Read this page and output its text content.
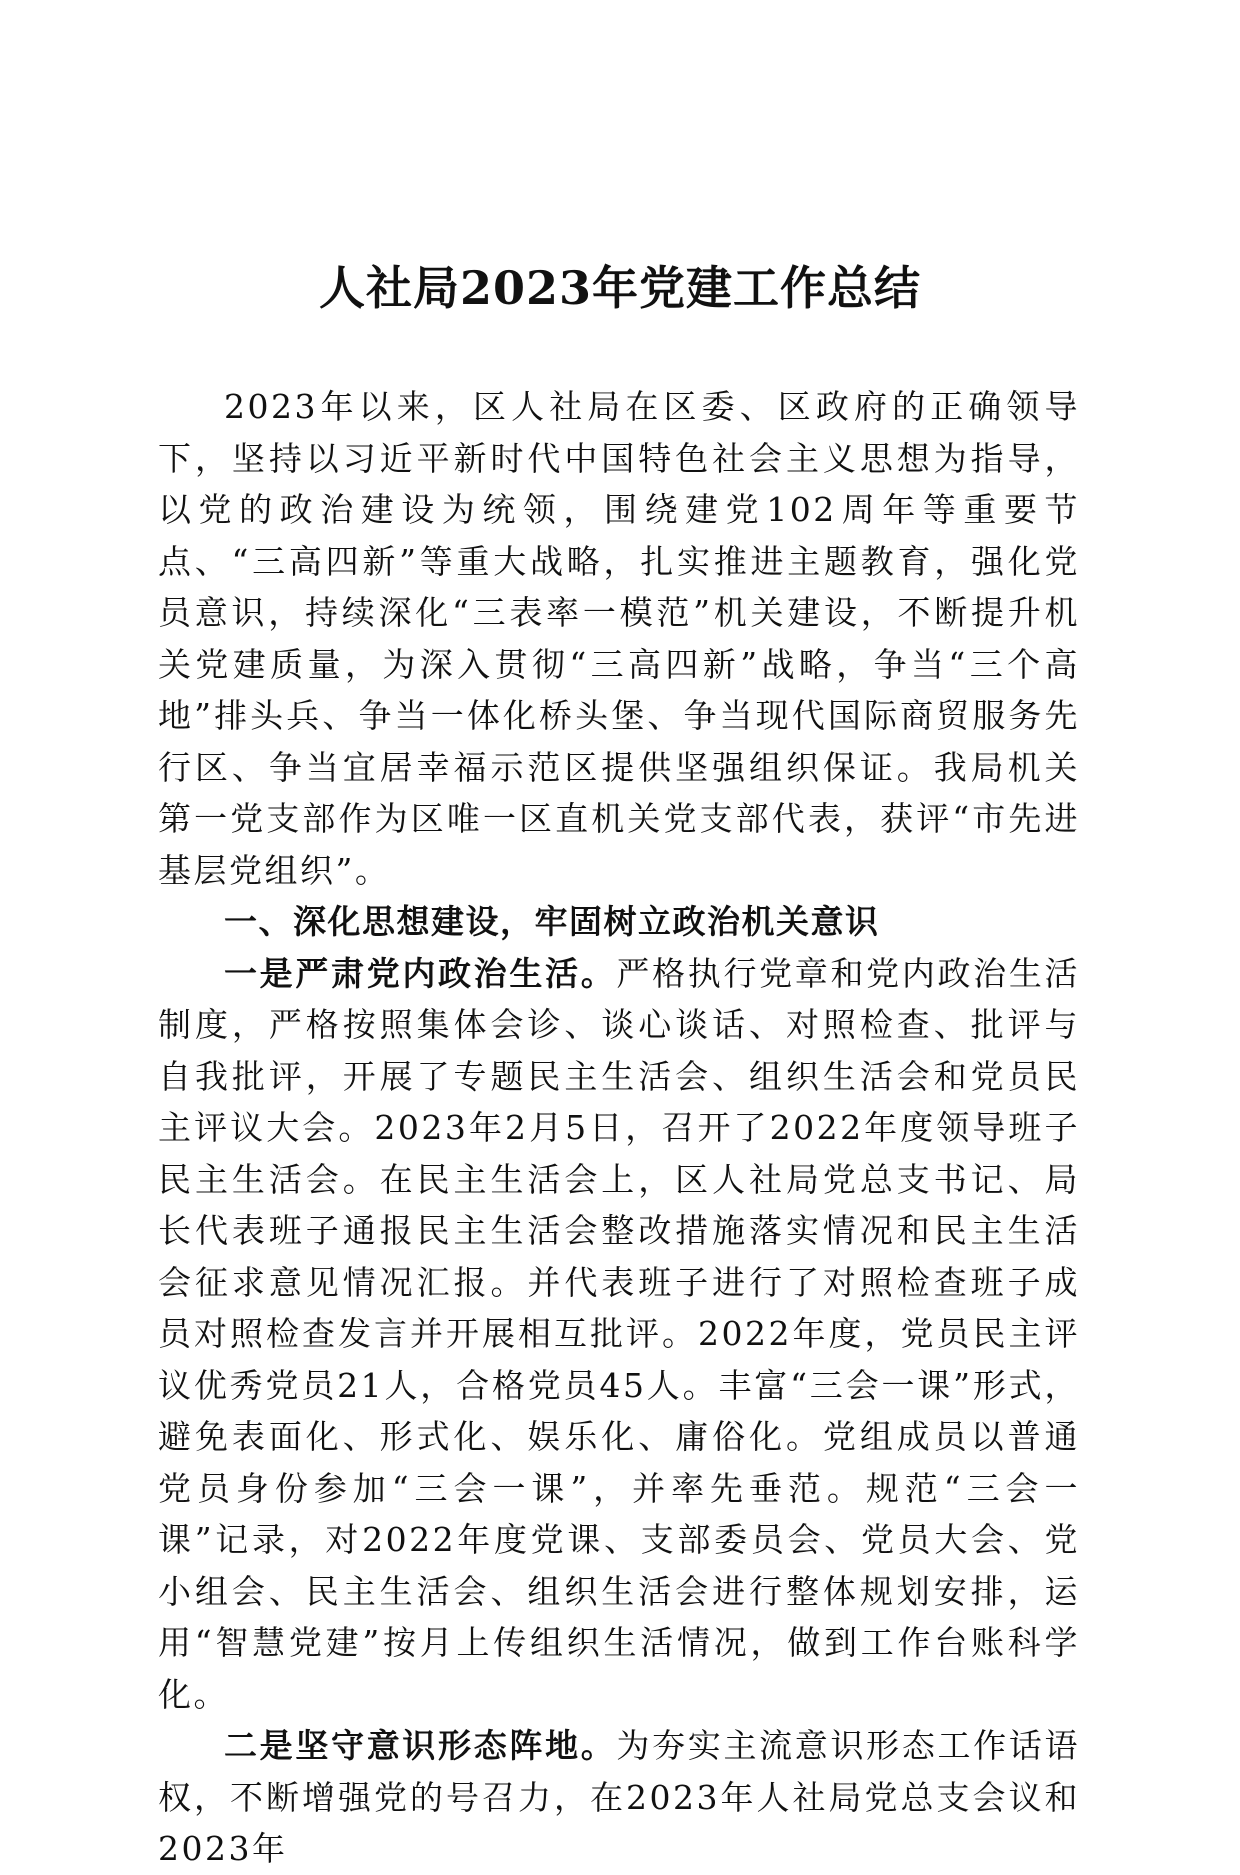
人社局2023年党建工作总结

2023年以来，区人社局在区委、区政府的正确领导下，坚持以习近平新时代中国特色社会主义思想为指导，以党的政治建设为统领，围绕建党102周年等重要节点、“三高四新”等重大战略，扎实推进主题教育，强化党员意识，持续深化“三表率一模范”机关建设，不断提升机关党建质量，为深入贯彻“三高四新”战略，争当“三个高地”排头兵、争当一体化桥头堡、争当现代国际商贸服务先行区、争当宜居幸福示范区提供坚强组织保证。我局机关第一党支部作为区唯一区直机关党支部代表，获评“市先进基层党组织”。

一、深化思想建设，牢固树立政治机关意识

一是严肃党内政治生活。严格执行党章和党内政治生活制度，严格按照集体会诊、谈心谈话、对照检查、批评与自我批评，开展了专题民主生活会、组织生活会和党员民主评议大会。2023年2月5日，召开了2022年度领导班子民主生活会。在民主生活会上，区人社局党总支书记、局长代表班子通报民主生活会整改措施落实情况和民主生活会征求意见情况汇报。并代表班子进行了对照检查班子成员对照检查发言并开展相互批评。2022年度，党员民主评议优秀党员21人，合格党员45人。丰富“三会一课”形式，避免表面化、形式化、娱乐化、庸俗化。党组成员以普通党员身份参加“三会一课”，并率先垂范。规范“三会一课”记录，对2022年度党课、支部委员会、党员大会、党小组会、民主生活会、组织生活会进行整体规划安排，运用“智慧党建”按月上传组织生活情况，做到工作台账科学化。

二是坚守意识形态阵地。为夯实主流意识形态工作话语权，不断增强党的号召力，在2023年人社局党总支会议和2023年
